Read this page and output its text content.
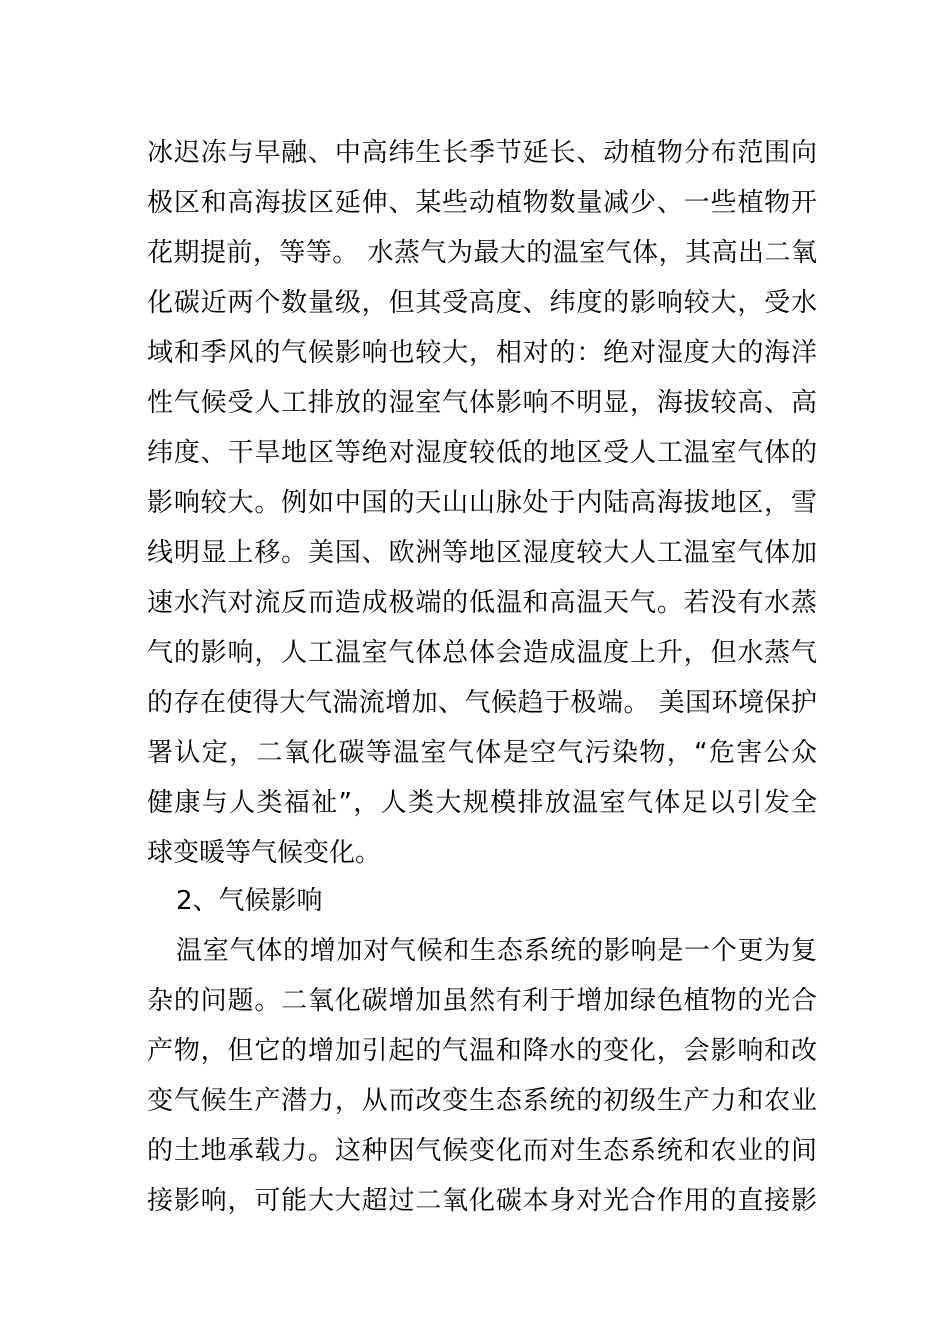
冰迟冻与早融、中高纬生长季节延长、动植物分布范围向

极区和高海拔区延伸、某些动植物数量减少、一些植物开

花期提前，等等。 水蒸气为最大的温室气体，其高出二氧

化碳近两个数量级，但其受高度、纬度的影响较大，受水

域和季风的气候影响也较大，相对的：绝对湿度大的海洋

性气候受人工排放的湿室气体影响不明显，海拔较高、高

纬度、干旱地区等绝对湿度较低的地区受人工温室气体的

影响较大。例如中国的天山山脉处于内陆高海拔地区，雪

线明显上移。美国、欧洲等地区湿度较大人工温室气体加

速水汽对流反而造成极端的低温和高温天气。若没有水蒸

气的影响，人工温室气体总体会造成温度上升，但水蒸气

的存在使得大气湍流增加、气候趋于极端。 美国环境保护

署认定，二氧化碳等温室气体是空气污染物，“危害公众

健康与人类福祉”，人类大规模排放温室气体足以引发全

球变暖等气候变化。

2、气候影响

温室气体的增加对气候和生态系统的影响是一个更为复

杂的问题。二氧化碳增加虽然有利于增加绿色植物的光合

产物，但它的增加引起的气温和降水的变化，会影响和改

变气候生产潜力，从而改变生态系统的初级生产力和农业

的土地承载力。这种因气候变化而对生态系统和农业的间

接影响，可能大大超过二氧化碳本身对光合作用的直接影
